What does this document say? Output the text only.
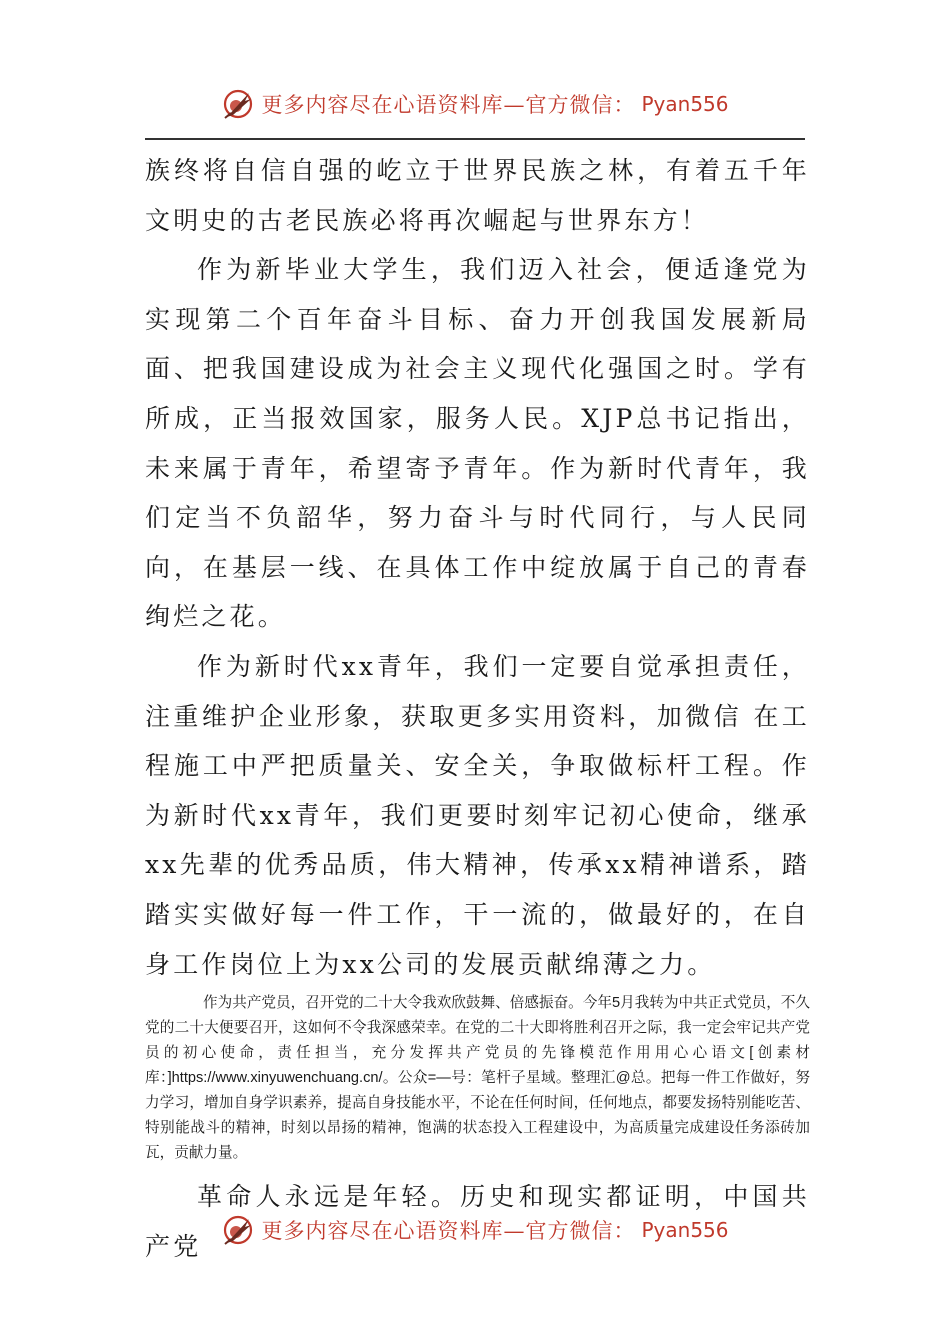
更多内容尽在心语资料库—官方微信： Pyan556

族终将自信自强的屹立于世界民族之林，有着五千年文明史的古老民族必将再次崛起与世界东方！

作为新毕业大学生，我们迈入社会，便适逢党为实现第二个百年奋斗目标、奋力开创我国发展新局面、把我国建设成为社会主义现代化强国之时。学有所成，正当报效国家，服务人民。XJP总书记指出，未来属于青年，希望寄予青年。作为新时代青年，我们定当不负韶华，努力奋斗与时代同行，与人民同向，在基层一线、在具体工作中绽放属于自己的青春绚烂之花。

作为新时代xx青年，我们一定要自觉承担责任，注重维护企业形象，获取更多实用资料，加微信 在工程施工中严把质量关、安全关，争取做标杆工程。作为新时代xx青年，我们更要时刻牢记初心使命，继承xx先辈的优秀品质，伟大精神，传承xx精神谱系，踏踏实实做好每一件工作，干一流的，做最好的，在自身工作岗位上为xx公司的发展贡献绵薄之力。

作为共产党员，召开党的二十大令我欢欣鼓舞、倍感振奋。今年5月我转为中共正式党员，不久党的二十大便要召开，这如何不令我深感荣幸。在党的二十大即将胜利召开之际，我一定会牢记共产党员的初心使命，责任担当，充分发挥共产党员的先锋模范作用用心心语文[创素材库：]https://www.xinyuwenchuang.cn/。公众=—号：笔杆子星域。整理汇@总。把每一件工作做好，努力学习，增加自身学识素养，提高自身技能水平，不论在任何时间，任何地点，都要发扬特别能吃苦、特别能战斗的精神，时刻以昂扬的精神，饱满的状态投入工程建设中，为高质量完成建设任务添砖加瓦，贡献力量。

革命人永远是年轻。历史和现实都证明，中国共产党

更多内容尽在心语资料库—官方微信： Pyan556
